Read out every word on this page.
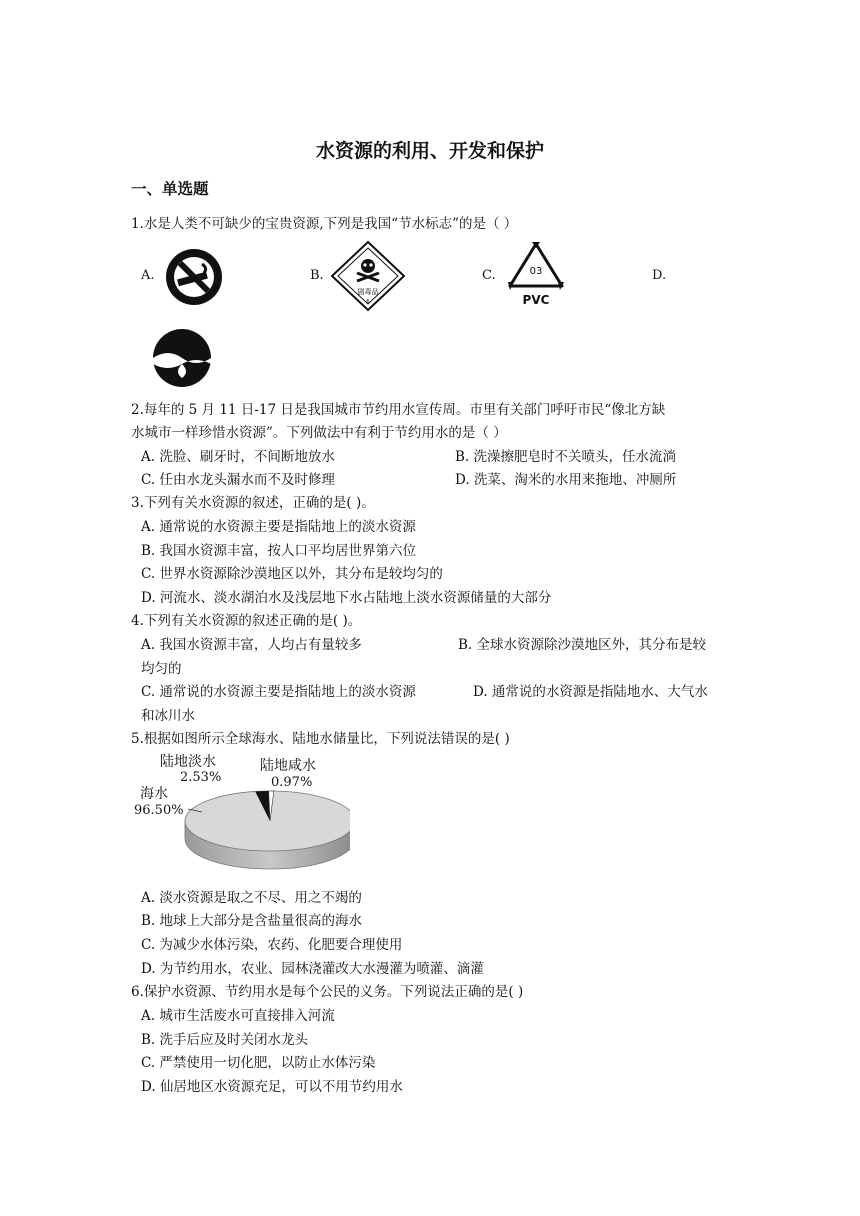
水资源的利用、开发和保护
一、单选题
1.水是人类不可缺少的宝贵资源,下列是我国“节水标志”的是（ ）
A.	B.
剧毒品
6
C.	03
PVC
D.
2.每年的 5 月 11 日-17 日是我国城市节约用水宣传周。市里有关部门呼吁市民“像北方缺
水城市一样珍惜水资源”。下列做法中有利于节约用水的是（ ）
A. 洗脸、刷牙时，不间断地放水	B. 洗澡擦肥皂时不关喷头，任水流淌
C. 任由水龙头漏水而不及时修理	D. 洗菜、淘米的水用来拖地、冲厕所
3.下列有关水资源的叙述，正确的是( )。
A. 通常说的水资源主要是指陆地上的淡水资源
B. 我国水资源丰富，按人口平均居世界第六位
C. 世界水资源除沙漠地区以外，其分布是较均匀的
D. 河流水、淡水湖泊水及浅层地下水占陆地上淡水资源储量的大部分
4.下列有关水资源的叙述正确的是( )。
A. 我国水资源丰富，人均占有量较多	B. 全球水资源除沙漠地区外，其分布是较
均匀的
C. 通常说的水资源主要是指陆地上的淡水资源	D. 通常说的水资源是指陆地水、大气水
和冰川水
5.根据如图所示全球海水、陆地水储量比，下列说法错误的是( )
陆地淡水
2.53%
陆地咸水
0.97%
海水
96.50%
A. 淡水资源是取之不尽、用之不竭的
B. 地球上大部分是含盐量很高的海水
C. 为减少水体污染，农药、化肥要合理使用
D. 为节约用水，农业、园林浇灌改大水漫灌为喷灌、滴灌
6.保护水资源、节约用水是每个公民的义务。下列说法正确的是( )
A. 城市生活废水可直接排入河流
B. 洗手后应及时关闭水龙头
C. 严禁使用一切化肥，以防止水体污染
D. 仙居地区水资源充足，可以不用节约用水
